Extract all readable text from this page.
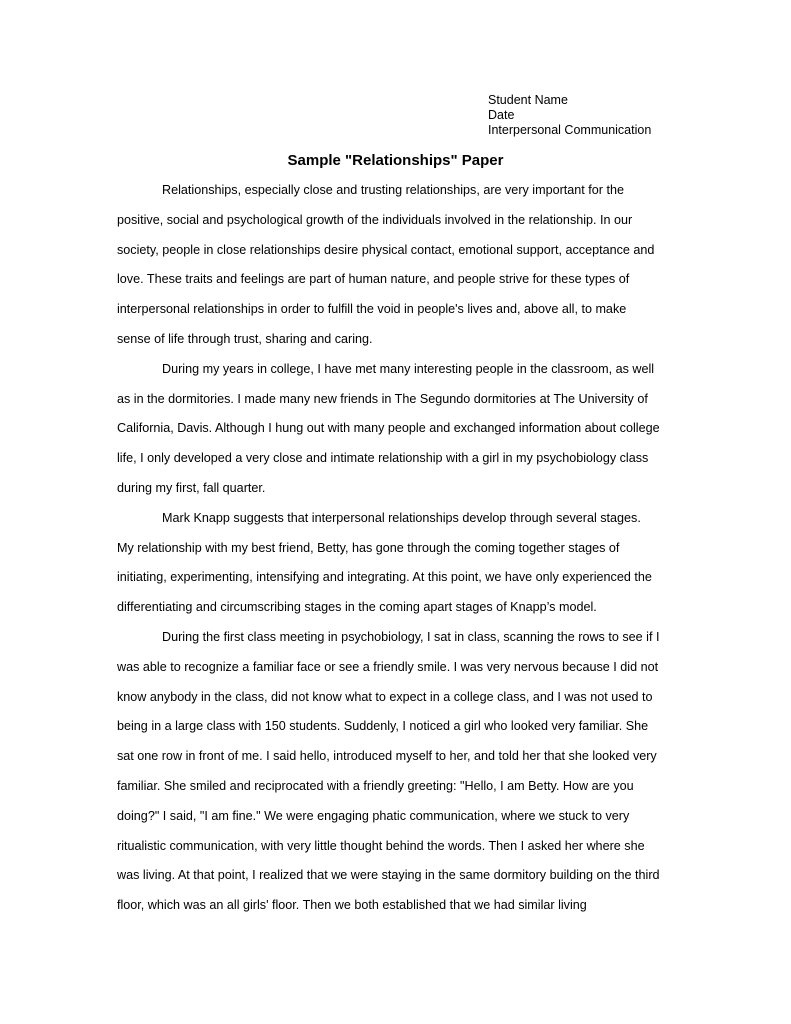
Student Name
Date
Interpersonal Communication
Sample "Relationships" Paper
Relationships, especially close and trusting relationships, are very important for the
positive, social and psychological growth of the individuals involved in the relationship. In our
society, people in close relationships desire physical contact, emotional support, acceptance and
love. These traits and feelings are part of human nature, and people strive for these types of
interpersonal relationships in order to fulfill the void in people's lives and, above all, to make
sense of life through trust, sharing and caring.
During my years in college, I have met many interesting people in the classroom, as well
as in the dormitories. I made many new friends in The Segundo dormitories at The University of
California, Davis. Although I hung out with many people and exchanged information about college
life, I only developed a very close and intimate relationship with a girl in my psychobiology class
during my first, fall quarter.
Mark Knapp suggests that interpersonal relationships develop through several stages.
My relationship with my best friend, Betty, has gone through the coming together stages of
initiating, experimenting, intensifying and integrating. At this point, we have only experienced the
differentiating and circumscribing stages in the coming apart stages of Knapp’s model.
During the first class meeting in psychobiology, I sat in class, scanning the rows to see if I
was able to recognize a familiar face or see a friendly smile. I was very nervous because I did not
know anybody in the class, did not know what to expect in a college class, and I was not used to
being in a large class with 150 students. Suddenly, I noticed a girl who looked very familiar. She
sat one row in front of me. I said hello, introduced myself to her, and told her that she looked very
familiar. She smiled and reciprocated with a friendly greeting: "Hello, I am Betty. How are you
doing?" I said, "I am fine." We were engaging phatic communication, where we stuck to very
ritualistic communication, with very little thought behind the words. Then I asked her where she
was living. At that point, I realized that we were staying in the same dormitory building on the third
floor, which was an all girls' floor. Then we both established that we had similar living
